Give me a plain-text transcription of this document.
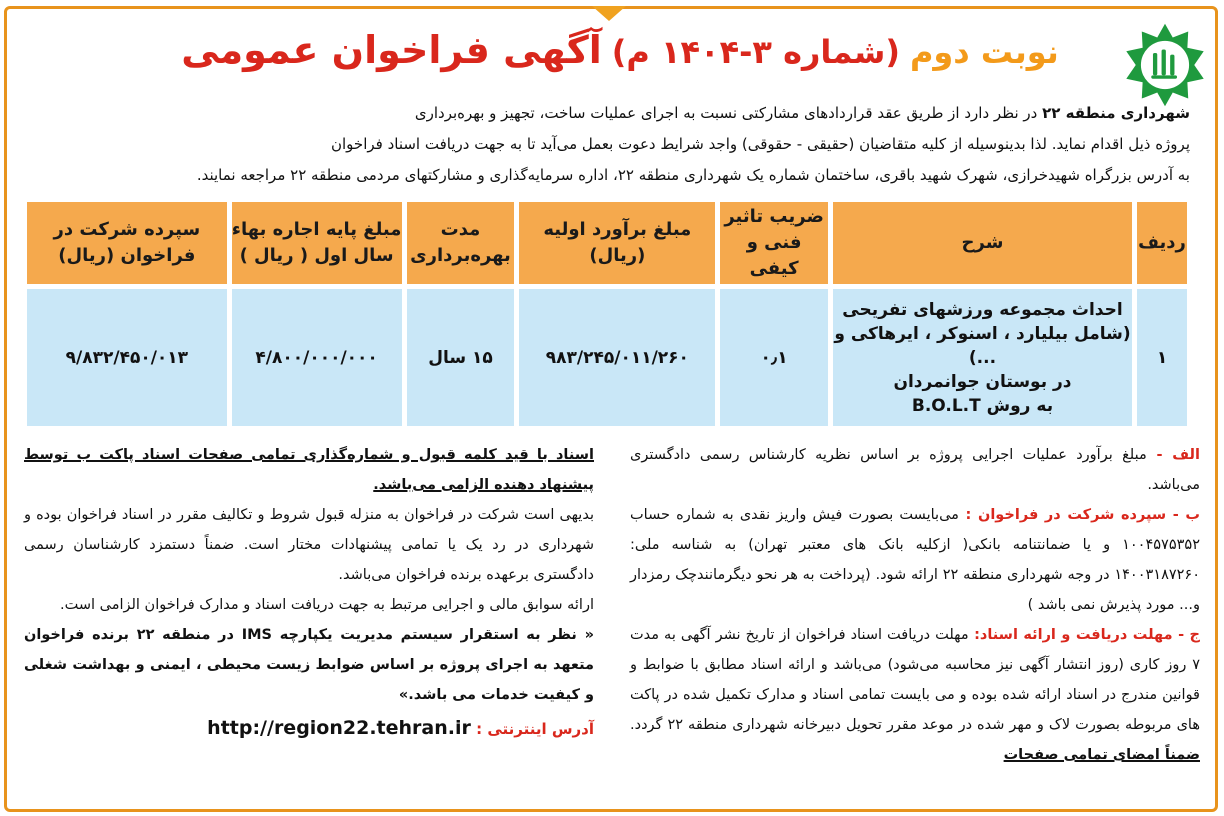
نوبت دوم
(شماره ۳-۱۴۰۴ م)
آگهی فراخوان عمومی

شهرداری منطقه ۲۲ در نظر دارد از طریق عقد قراردادهای مشارکتی نسبت به اجرای عملیات ساخت، تجهیز و بهره‌برداری

پروژه ذیل اقدام نماید. لذا بدینوسیله از کلیه متقاضیان (حقیقی - حقوقی) واجد شرایط دعوت بعمل می‌آید تا به جهت دریافت اسناد فراخوان

به آدرس بزرگراه شهیدخرازی، شهرک شهید باقری، ساختمان شماره یک شهرداری منطقه ۲۲، اداره سرمایه‌گذاری و مشارکتهای مردمی منطقه ۲۲ مراجعه نمایند.

ردیف	شرح	ضریب تاثیر فنی و کیفی	مبلغ برآورد اولیه (ریال)	مدت بهره‌برداری	مبلغ پایه اجاره بهاء سال اول ( ریال )	سپرده شرکت در فراخوان (ریال)
۱	احداث مجموعه ورزشهای تفریحی
(شامل بیلیارد ، اسنوکر ، ایرهاکی و ...)
در بوستان جوانمردان
به روش B.O.L.T	۰٫۱	۹۸۳/۲۴۵/۰۱۱/۲۶۰	۱۵ سال	۴/۸۰۰/۰۰۰/۰۰۰	۹/۸۳۲/۴۵۰/۰۱۳

الف - مبلغ برآورد عملیات اجرایی پروژه بر اساس نظریه کارشناس رسمی دادگستری می‌باشد.

ب - سپرده شرکت در فراخوان : می‌بایست بصورت فیش واریز نقدی به شماره حساب ۱۰۰۴۵۷۵۳۵۲ و یا ضمانتنامه بانکی( ازکلیه بانک های معتبر تهران) به شناسه ملی: ۱۴۰۰۳۱۸۷۲۶۰ در وجه شهرداری منطقه ۲۲ ارائه شود. (پرداخت به هر نحو دیگرمانندچک رمزدار و... مورد پذیرش نمی باشد )

ج - مهلت دریافت و ارائه اسناد: مهلت دریافت اسناد فراخوان از تاریخ نشر آگهی به مدت ۷ روز کاری (روز انتشار آگهی نیز محاسبه می‌شود) می‌باشد و ارائه اسناد مطابق با ضوابط و قوانین مندرج در اسناد ارائه شده بوده و می بایست تمامی اسناد و مدارک تکمیل شده در پاکت های مربوطه بصورت لاک و مهر شده در موعد مقرر تحویل دبیرخانه شهرداری منطقه ۲۲ گردد. ضمناً امضای تمامی صفحات

اسناد با قید کلمه قبول و شماره‌گذاری تمامی صفحات اسناد پاکت ب توسط پیشنهاد دهنده الزامی می‌باشد.

بدیهی است شرکت در فراخوان به منزله قبول شروط و تکالیف مقرر در اسناد فراخوان بوده و شهرداری در رد یک یا تمامی پیشنهادات مختار است. ضمناً دستمزد کارشناسان رسمی دادگستری برعهده برنده فراخوان می‌باشد.

ارائه سوابق مالی و اجرایی مرتبط به جهت دریافت اسناد و مدارک فراخوان الزامی است.

« نظر به استقرار سیستم مدیریت یکپارچه IMS در منطقه ۲۲ برنده فراخوان متعهد به اجرای پروژه بر اساس ضوابط زیست محیطی ، ایمنی و بهداشت شغلی و کیفیت خدمات می باشد.»

آدرس اینترنتی : http://region22.tehran.ir
